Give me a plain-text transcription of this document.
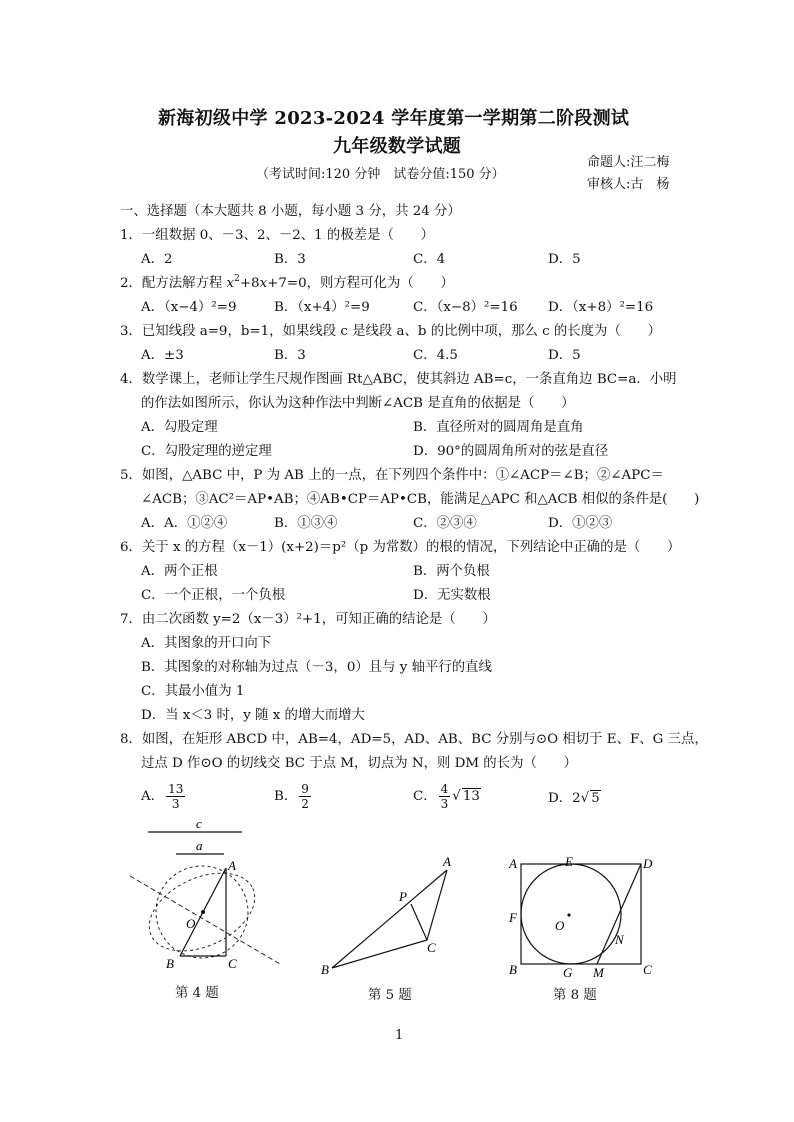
新海初级中学 2023-2024 学年度第一学期第二阶段测试
九年级数学试题
（考试时间:120 分钟　试卷分值:150 分）
命题人:汪二梅
审核人:古　杨
一、选择题（本大题共 8 小题，每小题 3 分，共 24 分）
1．一组数据 0、－3、2、－2、1 的极差是（　　）
A．2	B．3	C．4	D．5
2．配方法解方程 $x^2+8x+7=0$，则方程可化为（　　）
A．（x−4）²=9	B．（x+4）²=9	C．（x−8）²=16 D．（x+8）²=16
3．已知线段 a=9，b=1，如果线段 c 是线段 a、b 的比例中项，那么 c 的长度为（　　）
A．±3	B．3	C．4.5	D．5
4．数学课上，老师让学生尺规作图画 Rt△ABC，使其斜边 AB=c，一条直角边 BC=a．小明
的作法如图所示，你认为这种作法中判断∠ACB 是直角的依据是（　　）
A．勾股定理	B．直径所对的圆周角是直角
C．勾股定理的逆定理	D．90°的圆周角所对的弦是直径
5．如图，△ABC 中，P 为 AB 上的一点，在下列四个条件中：①∠ACP＝∠B；②∠APC＝
∠ACB；③AC²＝AP•AB；④AB•CP＝AP•CB，能满足△APC 和△ACB 相似的条件是(　　)
A．A．①②④	B．①③④	C．②③④	D．①②③
6．关于 x 的方程（x－1）(x+2)＝p²（p 为常数）的根的情况，下列结论中正确的是（　　）
A．两个正根	B．两个负根
C．一个正根，一个负根	D．无实数根
7．由二次函数 y=2（x－3）²+1，可知正确的结论是（　　）
A．其图象的开口向下
B．其图象的对称轴为过点（－3，0）且与 y 轴平行的直线
C．其最小值为 1
D．当 x＜3 时，y 随 x 的增大而增大
8．如图，在矩形 ABCD 中，AB=4，AD=5，AD、AB、BC 分别与⊙O 相切于 E、F、G 三点，
过点 D 作⊙O 的切线交 BC 于点 M，切点为 N，则 DM 的长为（　　）
A． $\frac{13}{3}$	B． $\frac{9}{2}$	C． $\frac{4}{3}$ √ 13	D．2√ 5
c
a
A
O
B	C
第 4 题
A
P
C
B
第 5 题
A	E	D
F
O
N
B	G M	C
第 8 题
1
